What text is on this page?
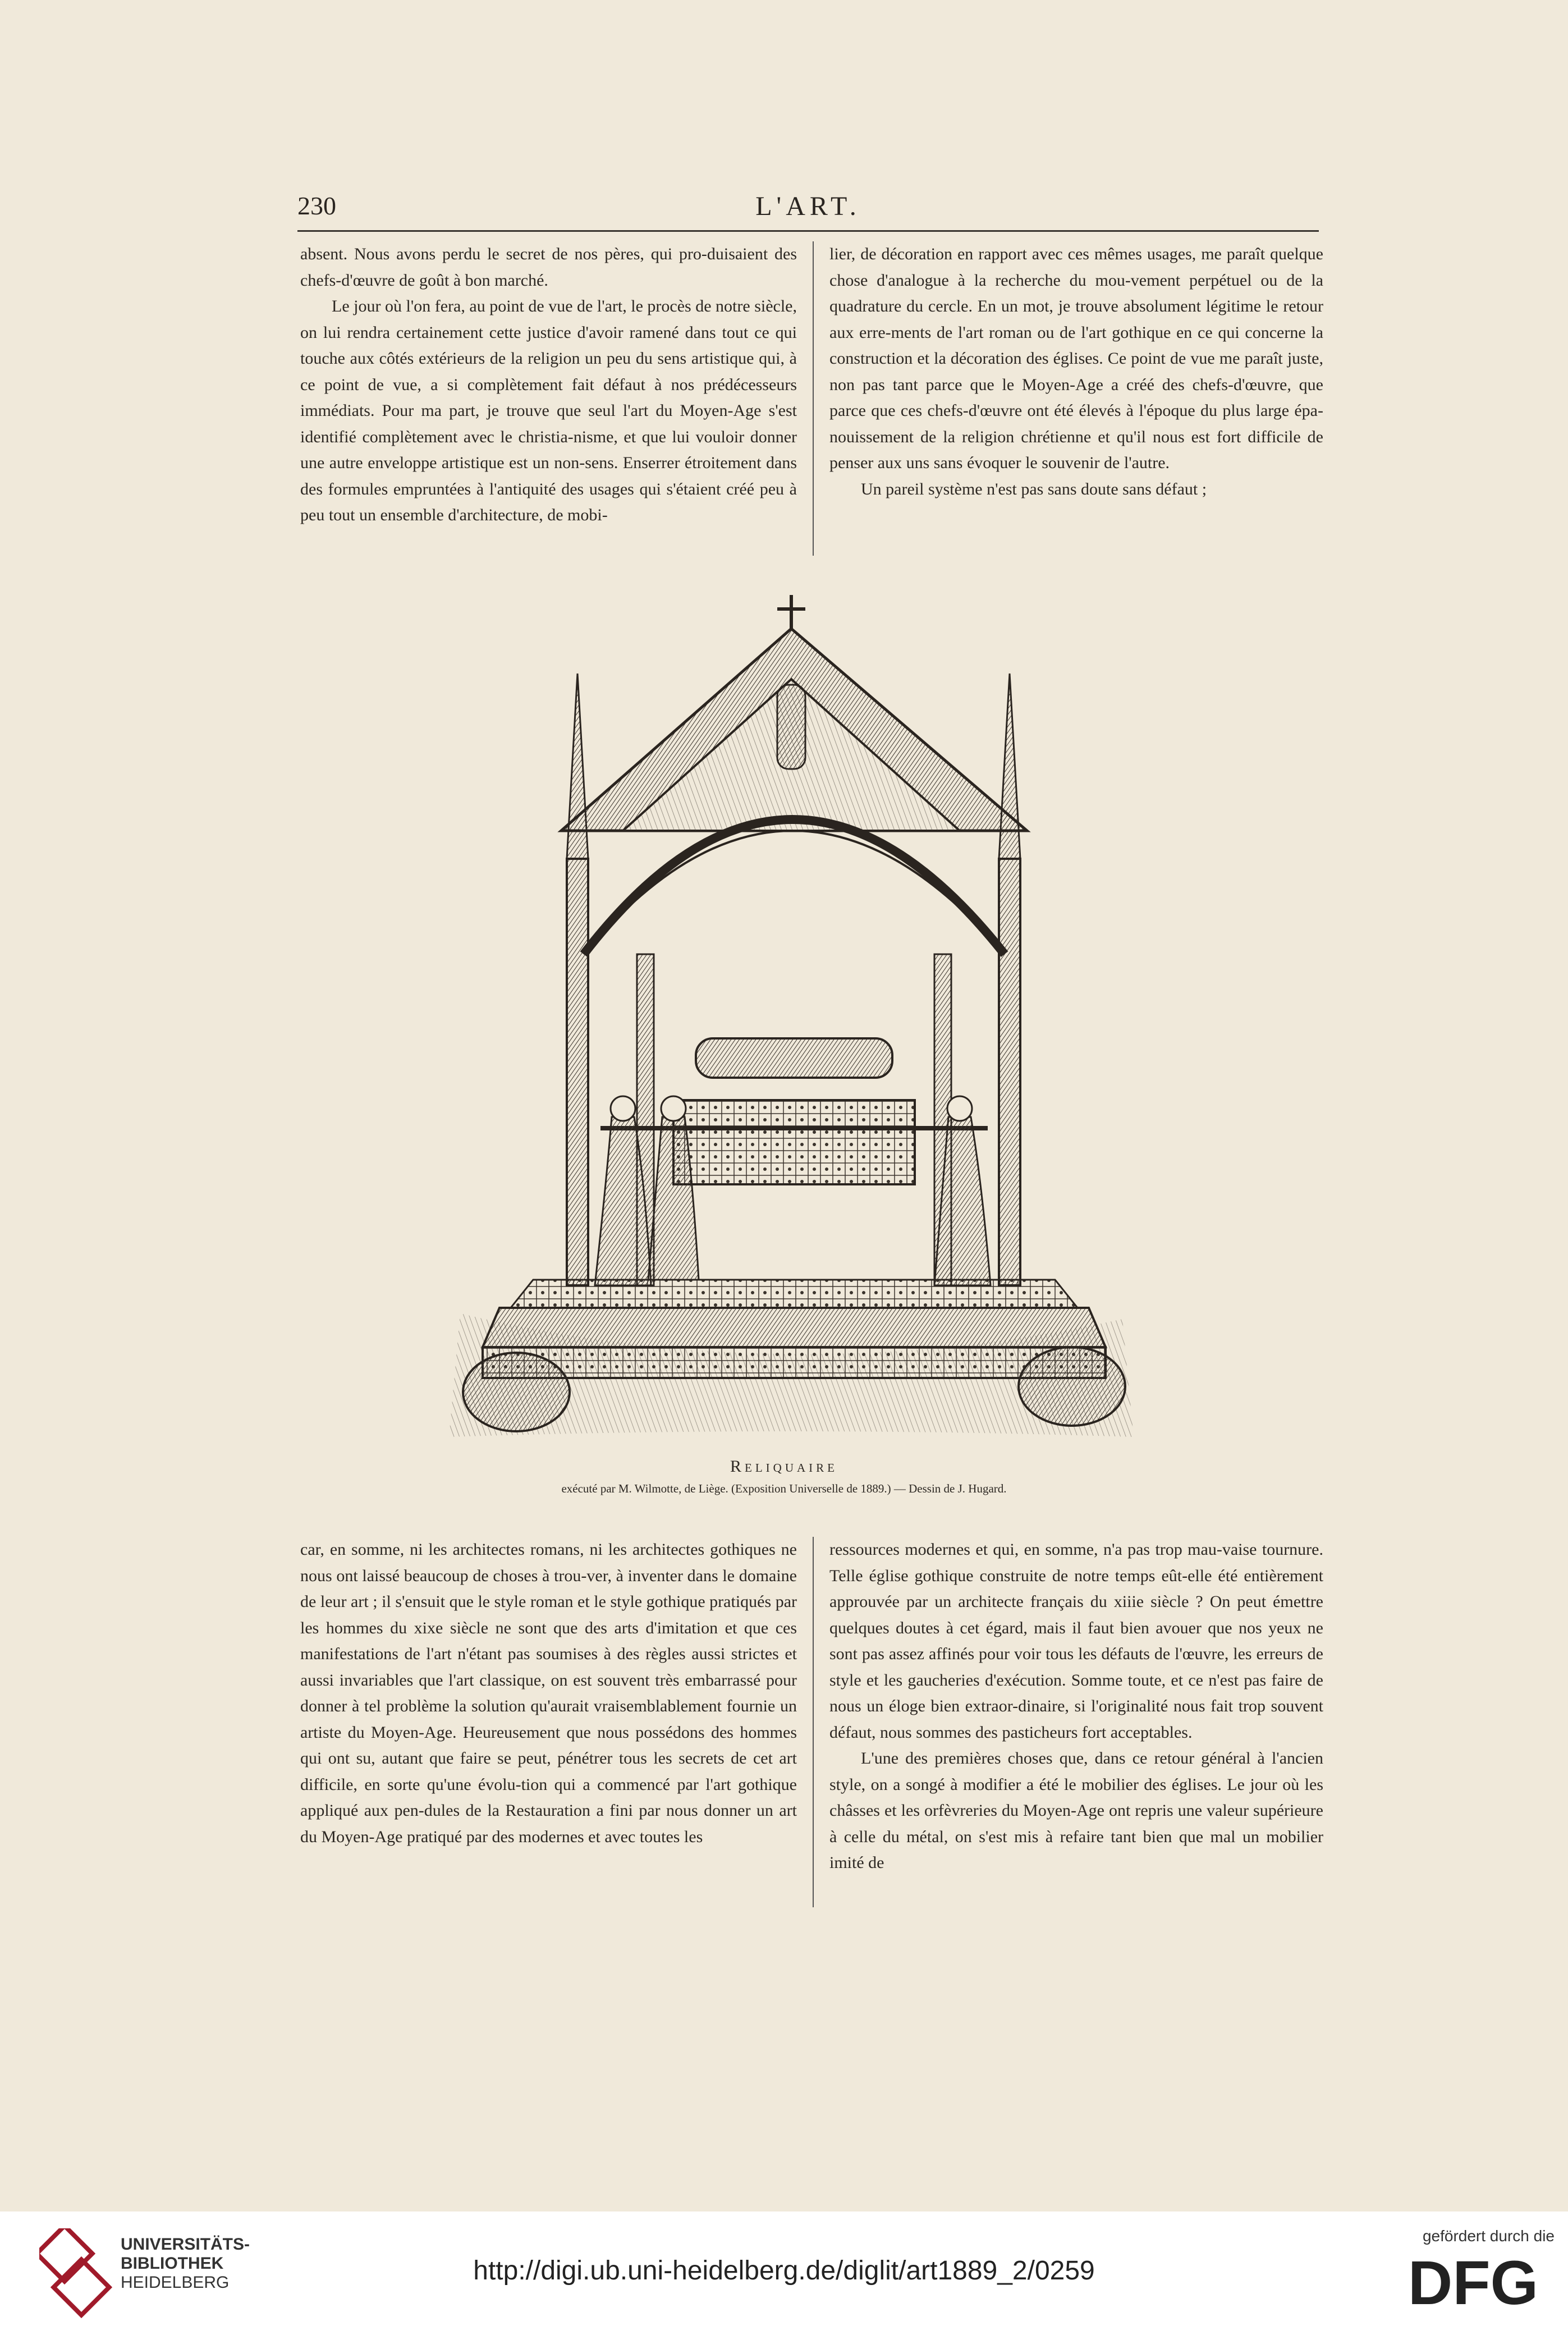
230	L'ART.

absent. Nous avons perdu le secret de nos pères, qui pro-duisaient des chefs-d'œuvre de goût à bon marché.

Le jour où l'on fera, au point de vue de l'art, le procès de notre siècle, on lui rendra certainement cette justice d'avoir ramené dans tout ce qui touche aux côtés extérieurs de la religion un peu du sens artistique qui, à ce point de vue, a si complètement fait défaut à nos prédécesseurs immédiats. Pour ma part, je trouve que seul l'art du Moyen-Age s'est identifié complètement avec le christia-nisme, et que lui vouloir donner une autre enveloppe artistique est un non-sens. Enserrer étroitement dans des formules empruntées à l'antiquité des usages qui s'étaient créé peu à peu tout un ensemble d'architecture, de mobi-

lier, de décoration en rapport avec ces mêmes usages, me paraît quelque chose d'analogue à la recherche du mou-vement perpétuel ou de la quadrature du cercle. En un mot, je trouve absolument légitime le retour aux erre-ments de l'art roman ou de l'art gothique en ce qui concerne la construction et la décoration des églises. Ce point de vue me paraît juste, non pas tant parce que le Moyen-Age a créé des chefs-d'œuvre, que parce que ces chefs-d'œuvre ont été élevés à l'époque du plus large épa-nouissement de la religion chrétienne et qu'il nous est fort difficile de penser aux uns sans évoquer le souvenir de l'autre.

Un pareil système n'est pas sans doute sans défaut ;

Reliquaire
exécuté par M. Wilmotte, de Liège. (Exposition Universelle de 1889.) — Dessin de J. Hugard.

car, en somme, ni les architectes romans, ni les architectes gothiques ne nous ont laissé beaucoup de choses à trou-ver, à inventer dans le domaine de leur art ; il s'ensuit que le style roman et le style gothique pratiqués par les hommes du xixe siècle ne sont que des arts d'imitation et que ces manifestations de l'art n'étant pas soumises à des règles aussi strictes et aussi invariables que l'art classique, on est souvent très embarrassé pour donner à tel problème la solution qu'aurait vraisemblablement fournie un artiste du Moyen-Age. Heureusement que nous possédons des hommes qui ont su, autant que faire se peut, pénétrer tous les secrets de cet art difficile, en sorte qu'une évolu-tion qui a commencé par l'art gothique appliqué aux pen-dules de la Restauration a fini par nous donner un art du Moyen-Age pratiqué par des modernes et avec toutes les

ressources modernes et qui, en somme, n'a pas trop mau-vaise tournure. Telle église gothique construite de notre temps eût-elle été entièrement approuvée par un architecte français du xiiie siècle ? On peut émettre quelques doutes à cet égard, mais il faut bien avouer que nos yeux ne sont pas assez affinés pour voir tous les défauts de l'œuvre, les erreurs de style et les gaucheries d'exécution. Somme toute, et ce n'est pas faire de nous un éloge bien extraor-dinaire, si l'originalité nous fait trop souvent défaut, nous sommes des pasticheurs fort acceptables.

L'une des premières choses que, dans ce retour général à l'ancien style, on a songé à modifier a été le mobilier des églises. Le jour où les châsses et les orfèvreries du Moyen-Age ont repris une valeur supérieure à celle du métal, on s'est mis à refaire tant bien que mal un mobilier imité de

UNIVERSITÄTS-
BIBLIOTHEK
HEIDELBERG	http://digi.ub.uni-heidelberg.de/diglit/art1889_2/0259
gefördert durch die
DFG
